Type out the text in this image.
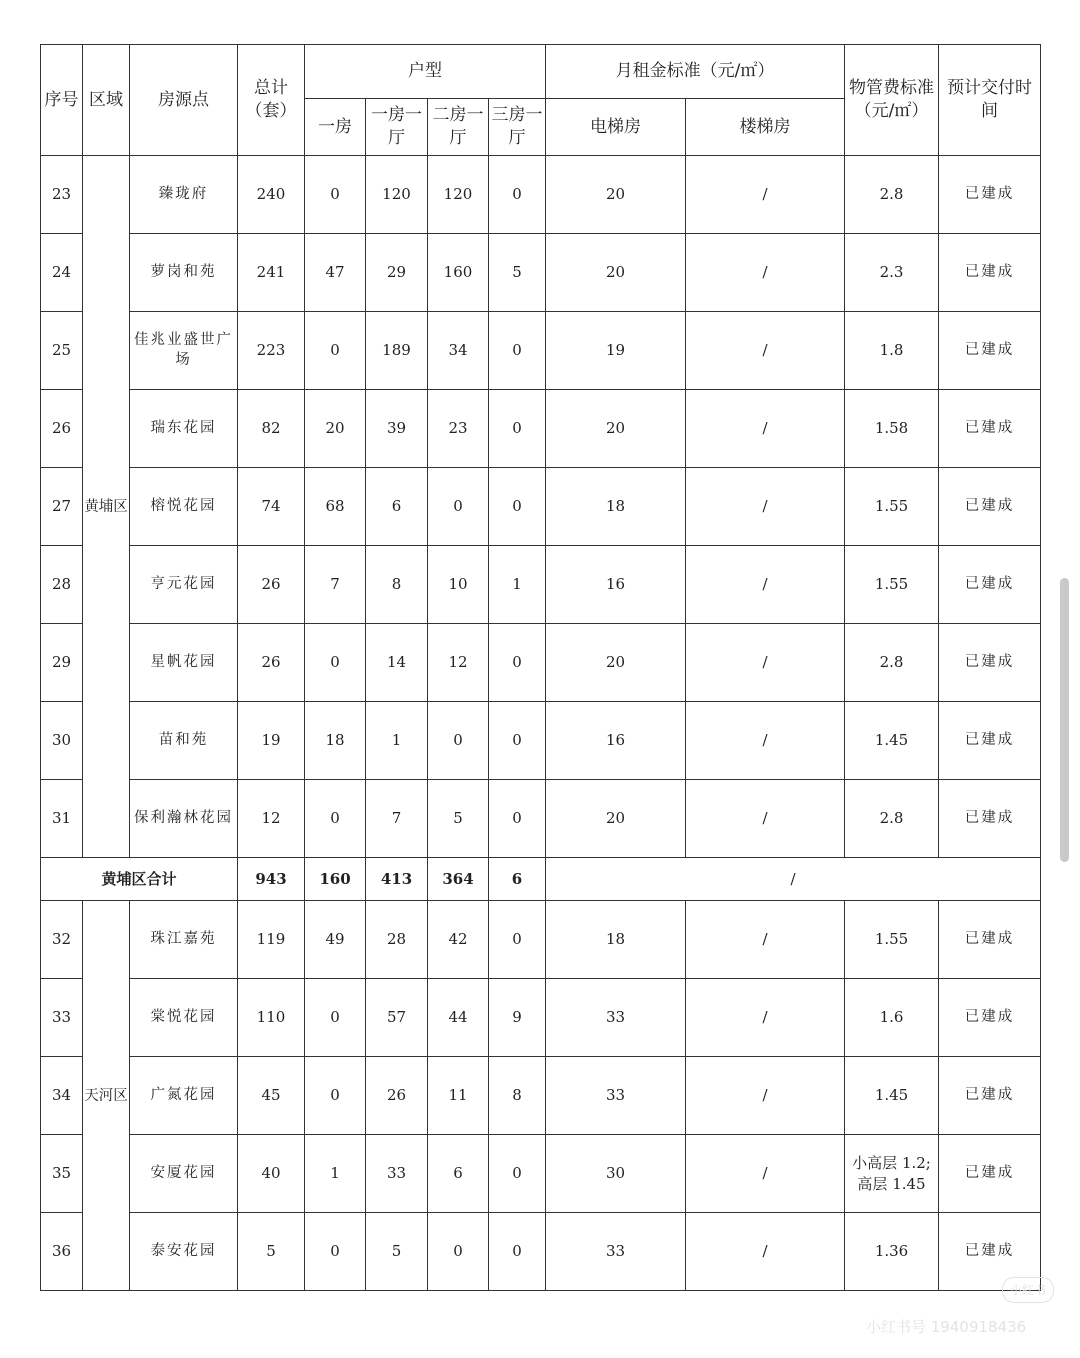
序号	区域	房源点	总计（套）	户型				月租金标准（元/㎡）		物管费标准（元/㎡）	预计交付时间
				一房	一房一厅	二房一厅	三房一厅	电梯房	楼梯房		
23	黄埔区	臻珑府	240	0	120	120	0	20	/	2.8	已建成
24		萝岗和苑	241	47	29	160	5	20	/	2.3	已建成
25		佳兆业盛世广场	223	0	189	34	0	19	/	1.8	已建成
26		瑞东花园	82	20	39	23	0	20	/	1.58	已建成
27		榕悦花园	74	68	6	0	0	18	/	1.55	已建成
28		亨元花园	26	7	8	10	1	16	/	1.55	已建成
29		星帆花园	26	0	14	12	0	20	/	2.8	已建成
30		苗和苑	19	18	1	0	0	16	/	1.45	已建成
31		保利瀚林花园	12	0	7	5	0	20	/	2.8	已建成
黄埔区合计			943	160	413	364	6	/			
32	天河区	珠江嘉苑	119	49	28	42	0	18	/	1.55	已建成
33		棠悦花园	110	0	57	44	9	33	/	1.6	已建成
34		广氮花园	45	0	26	11	8	33	/	1.45	已建成
35		安厦花园	40	1	33	6	0	30	/	小高层 1.2;高层 1.45	已建成
36		泰安花园	5	0	5	0	0	33	/	1.36	已建成
小红书
小红书号 1940918436
